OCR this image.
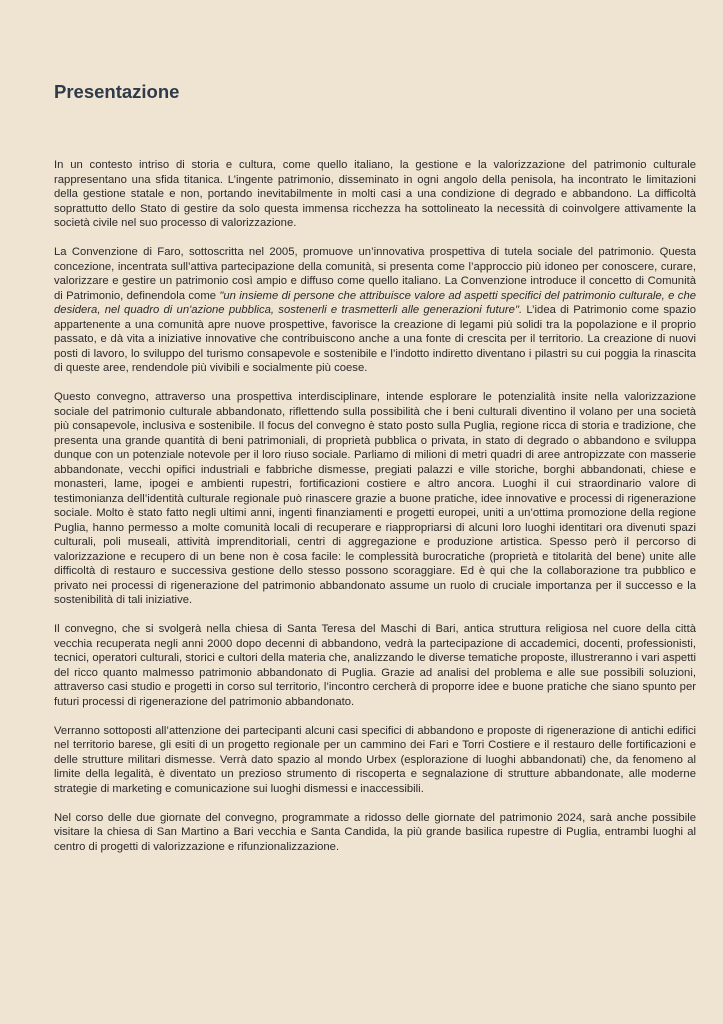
Presentazione

In un contesto intriso di storia e cultura, come quello italiano, la gestione e la valorizzazione del patrimonio culturale rappresentano una sfida titanica. L’ingente patrimonio, disseminato in ogni angolo della penisola, ha incontrato le limitazioni della gestione statale e non, portando inevitabilmente in molti casi a una condizione di degrado e abbandono. La difficoltà soprattutto dello Stato di gestire da solo questa immensa ricchezza ha sottolineato la necessità di coinvolgere attivamente la società civile nel suo processo di valorizzazione.

La Convenzione di Faro, sottoscritta nel 2005, promuove un’innovativa prospettiva di tutela sociale del patrimonio. Questa concezione, incentrata sull’attiva partecipazione della comunità, si presenta come l’approccio più idoneo per conoscere, curare, valorizzare e gestire un patrimonio così ampio e diffuso come quello italiano. La Convenzione introduce il concetto di Comunità di Patrimonio, definendola come "un insieme di persone che attribuisce valore ad aspetti specifici del patrimonio culturale, e che desidera, nel quadro di un'azione pubblica, sostenerli e trasmetterli alle generazioni future". L’idea di Patrimonio come spazio appartenente a una comunità apre nuove prospettive, favorisce la creazione di legami più solidi tra la popolazione e il proprio passato, e dà vita a iniziative innovative che contribuiscono anche a una fonte di crescita per il territorio. La creazione di nuovi posti di lavoro, lo sviluppo del turismo consapevole e sostenibile e l’indotto indiretto diventano i pilastri su cui poggia la rinascita di queste aree, rendendole più vivibili e socialmente più coese.

Questo convegno, attraverso una prospettiva interdisciplinare, intende esplorare le potenzialità insite nella valorizzazione sociale del patrimonio culturale abbandonato, riflettendo sulla possibilità che i beni culturali diventino il volano per una società più consapevole, inclusiva e sostenibile. Il focus del convegno è stato posto sulla Puglia, regione ricca di storia e tradizione, che presenta una grande quantità di beni patrimoniali, di proprietà pubblica o privata, in stato di degrado o abbandono e sviluppa dunque con un potenziale notevole per il loro riuso sociale. Parliamo di milioni di metri quadri di aree antropizzate con masserie abbandonate, vecchi opifici industriali e fabbriche dismesse, pregiati palazzi e ville storiche, borghi abbandonati, chiese e monasteri, lame, ipogei e ambienti rupestri, fortificazioni costiere e altro ancora. Luoghi il cui straordinario valore di testimonianza dell’identità culturale regionale può rinascere grazie a buone pratiche, idee innovative e processi di rigenerazione sociale. Molto è stato fatto negli ultimi anni, ingenti finanziamenti e progetti europei, uniti a un’ottima promozione della regione Puglia, hanno permesso a molte comunità locali di recuperare e riappropriarsi di alcuni loro luoghi identitari ora divenuti spazi culturali, poli museali, attività imprenditoriali, centri di aggregazione e produzione artistica. Spesso però il percorso di valorizzazione e recupero di un bene non è cosa facile: le complessità burocratiche (proprietà e titolarità del bene) unite alle difficoltà di restauro e successiva gestione dello stesso possono scoraggiare. Ed è qui che la collaborazione tra pubblico e privato nei processi di rigenerazione del patrimonio abbandonato assume un ruolo di cruciale importanza per il successo e la sostenibilità di tali iniziative.

Il convegno, che si svolgerà nella chiesa di Santa Teresa del Maschi di Bari, antica struttura religiosa nel cuore della città vecchia recuperata negli anni 2000 dopo decenni di abbandono, vedrà la partecipazione di accademici, docenti, professionisti, tecnici, operatori culturali, storici e cultori della materia che, analizzando le diverse tematiche proposte, illustreranno i vari aspetti del ricco quanto malmesso patrimonio abbandonato di Puglia. Grazie ad analisi del problema e alle sue possibili soluzioni, attraverso casi studio e progetti in corso sul territorio, l’incontro cercherà di proporre idee e buone pratiche che siano spunto per futuri processi di rigenerazione del patrimonio abbandonato.

Verranno sottoposti all’attenzione dei partecipanti alcuni casi specifici di abbandono e proposte di rigenerazione di antichi edifici nel territorio barese, gli esiti di un progetto regionale per un cammino dei Fari e Torri Costiere e il restauro delle fortificazioni e delle strutture militari dismesse. Verrà dato spazio al mondo Urbex (esplorazione di luoghi abbandonati) che, da fenomeno al limite della legalità, è diventato un prezioso strumento di riscoperta e segnalazione di strutture abbandonate, alle moderne strategie di marketing e comunicazione sui luoghi dismessi e inaccessibili.

Nel corso delle due giornate del convegno, programmate a ridosso delle giornate del patrimonio 2024, sarà anche possibile visitare la chiesa di San Martino a Bari vecchia e Santa Candida, la più grande basilica rupestre di Puglia, entrambi luoghi al centro di progetti di valorizzazione e rifunzionalizzazione.
